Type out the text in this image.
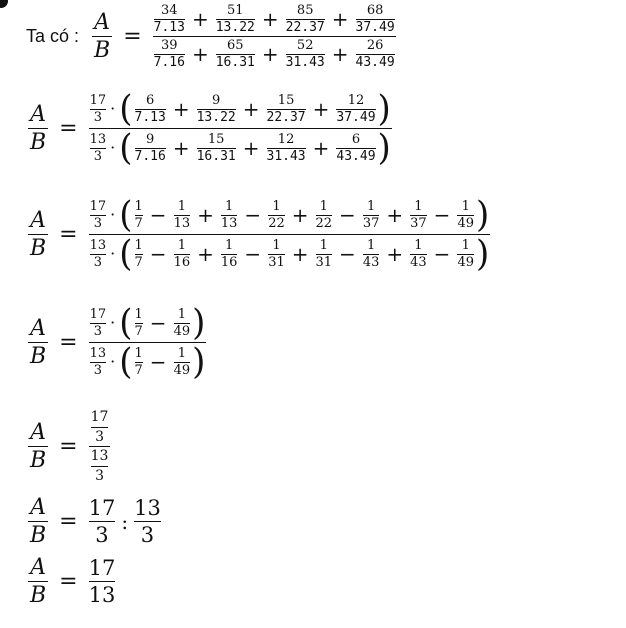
Ta có : $\frac{A}{B} = \frac{\frac{34}{7.13} + \frac{51}{13.22} + \frac{85}{22.37} + \frac{68}{37.49}}{\frac{39}{7.16} + \frac{65}{16.31} + \frac{52}{31.43} + \frac{26}{43.49}}$
$\frac{A}{B} = \frac{\frac{17}{3} \cdot ( \frac{6}{7.13} + \frac{9}{13.22} + \frac{15}{22.37} + \frac{12}{37.49} )}{\frac{13}{3} \cdot ( \frac{9}{7.16} + \frac{15}{16.31} + \frac{12}{31.43} + \frac{6}{43.49} )}$
$\frac{A}{B} = \frac{\frac{17}{3} \cdot ( \frac{1}{7} - \frac{1}{13} + \frac{1}{13} - \frac{1}{22} + \frac{1}{22} - \frac{1}{37} + \frac{1}{37} - \frac{1}{49} )}{\frac{13}{3} \cdot ( \frac{1}{7} - \frac{1}{16} + \frac{1}{16} - \frac{1}{31} + \frac{1}{31} - \frac{1}{43} + \frac{1}{43} - \frac{1}{49} )}$
$\frac{A}{B} = \frac{\frac{17}{3} \cdot ( \frac{1}{7} - \frac{1}{49} )}{\frac{13}{3} \cdot ( \frac{1}{7} - \frac{1}{49} )}$
$\frac{A}{B} = \frac{\frac{17}{3}}{\frac{13}{3}}$
$\frac{A}{B} = \frac{17}{3}$ : $\frac{13}{3}$
$\frac{A}{B} = \frac{17}{13}$
